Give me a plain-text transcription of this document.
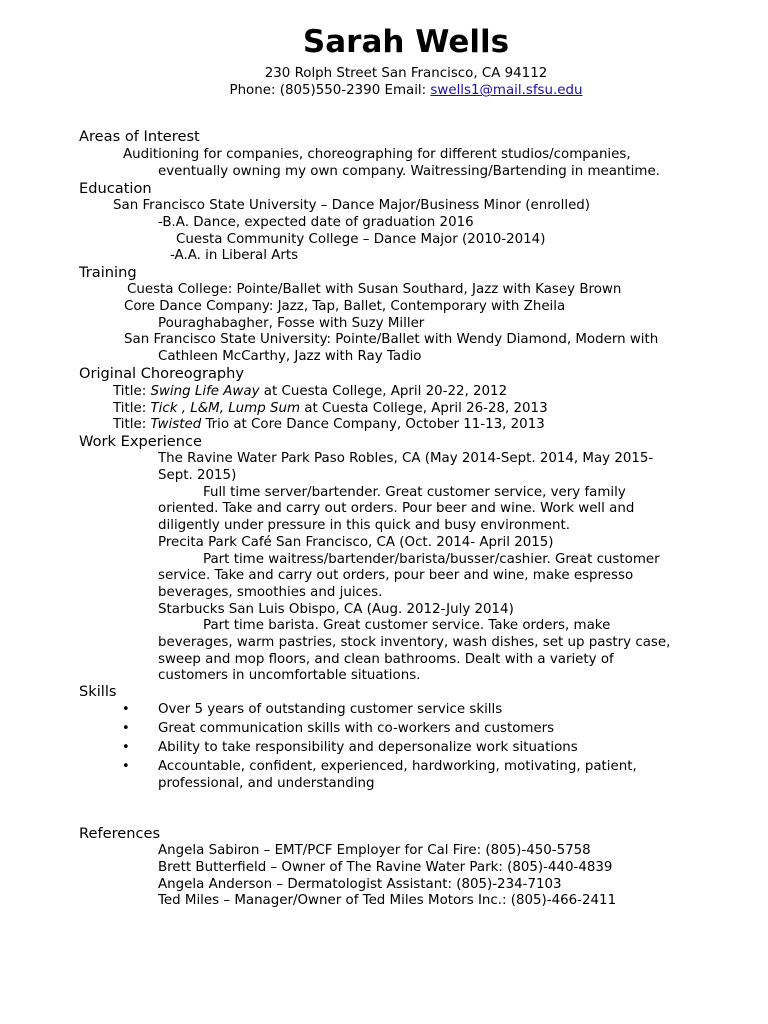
Sarah Wells
230 Rolph Street San Francisco, CA 94112
Phone: (805)550-2390 Email: swells1@mail.sfsu.edu
Areas of Interest
Auditioning for companies, choreographing for different studios/companies,
eventually owning my own company. Waitressing/Bartending in meantime.
Education
San Francisco State University – Dance Major/Business Minor (enrolled)
-B.A. Dance, expected date of graduation 2016
Cuesta Community College – Dance Major (2010-2014)
-A.A. in Liberal Arts
Training
Cuesta College: Pointe/Ballet with Susan Southard, Jazz with Kasey Brown
Core Dance Company: Jazz, Tap, Ballet, Contemporary with Zheila
Pouraghabagher, Fosse with Suzy Miller
San Francisco State University: Pointe/Ballet with Wendy Diamond, Modern with
Cathleen McCarthy, Jazz with Ray Tadio
Original Choreography
Title: Swing Life Away at Cuesta College, April 20-22, 2012
Title: Tick , L&M, Lump Sum at Cuesta College, April 26-28, 2013
Title: Twisted Trio at Core Dance Company, October 11-13, 2013
Work Experience
The Ravine Water Park Paso Robles, CA (May 2014-Sept. 2014, May 2015-
Sept. 2015)
Full time server/bartender. Great customer service, very family
oriented. Take and carry out orders. Pour beer and wine. Work well and
diligently under pressure in this quick and busy environment.
Precita Park Café San Francisco, CA (Oct. 2014- April 2015)
Part time waitress/bartender/barista/busser/cashier. Great customer
service. Take and carry out orders, pour beer and wine, make espresso
beverages, smoothies and juices.
Starbucks San Luis Obispo, CA (Aug. 2012-July 2014)
Part time barista. Great customer service. Take orders, make
beverages, warm pastries, stock inventory, wash dishes, set up pastry case,
sweep and mop floors, and clean bathrooms. Dealt with a variety of
customers in uncomfortable situations.
Skills
• Over 5 years of outstanding customer service skills
• Great communication skills with co-workers and customers
• Ability to take responsibility and depersonalize work situations
• Accountable, confident, experienced, hardworking, motivating, patient,
professional, and understanding
References
Angela Sabiron – EMT/PCF Employer for Cal Fire: (805)-450-5758
Brett Butterfield – Owner of The Ravine Water Park: (805)-440-4839
Angela Anderson – Dermatologist Assistant: (805)-234-7103
Ted Miles – Manager/Owner of Ted Miles Motors Inc.: (805)-466-2411
